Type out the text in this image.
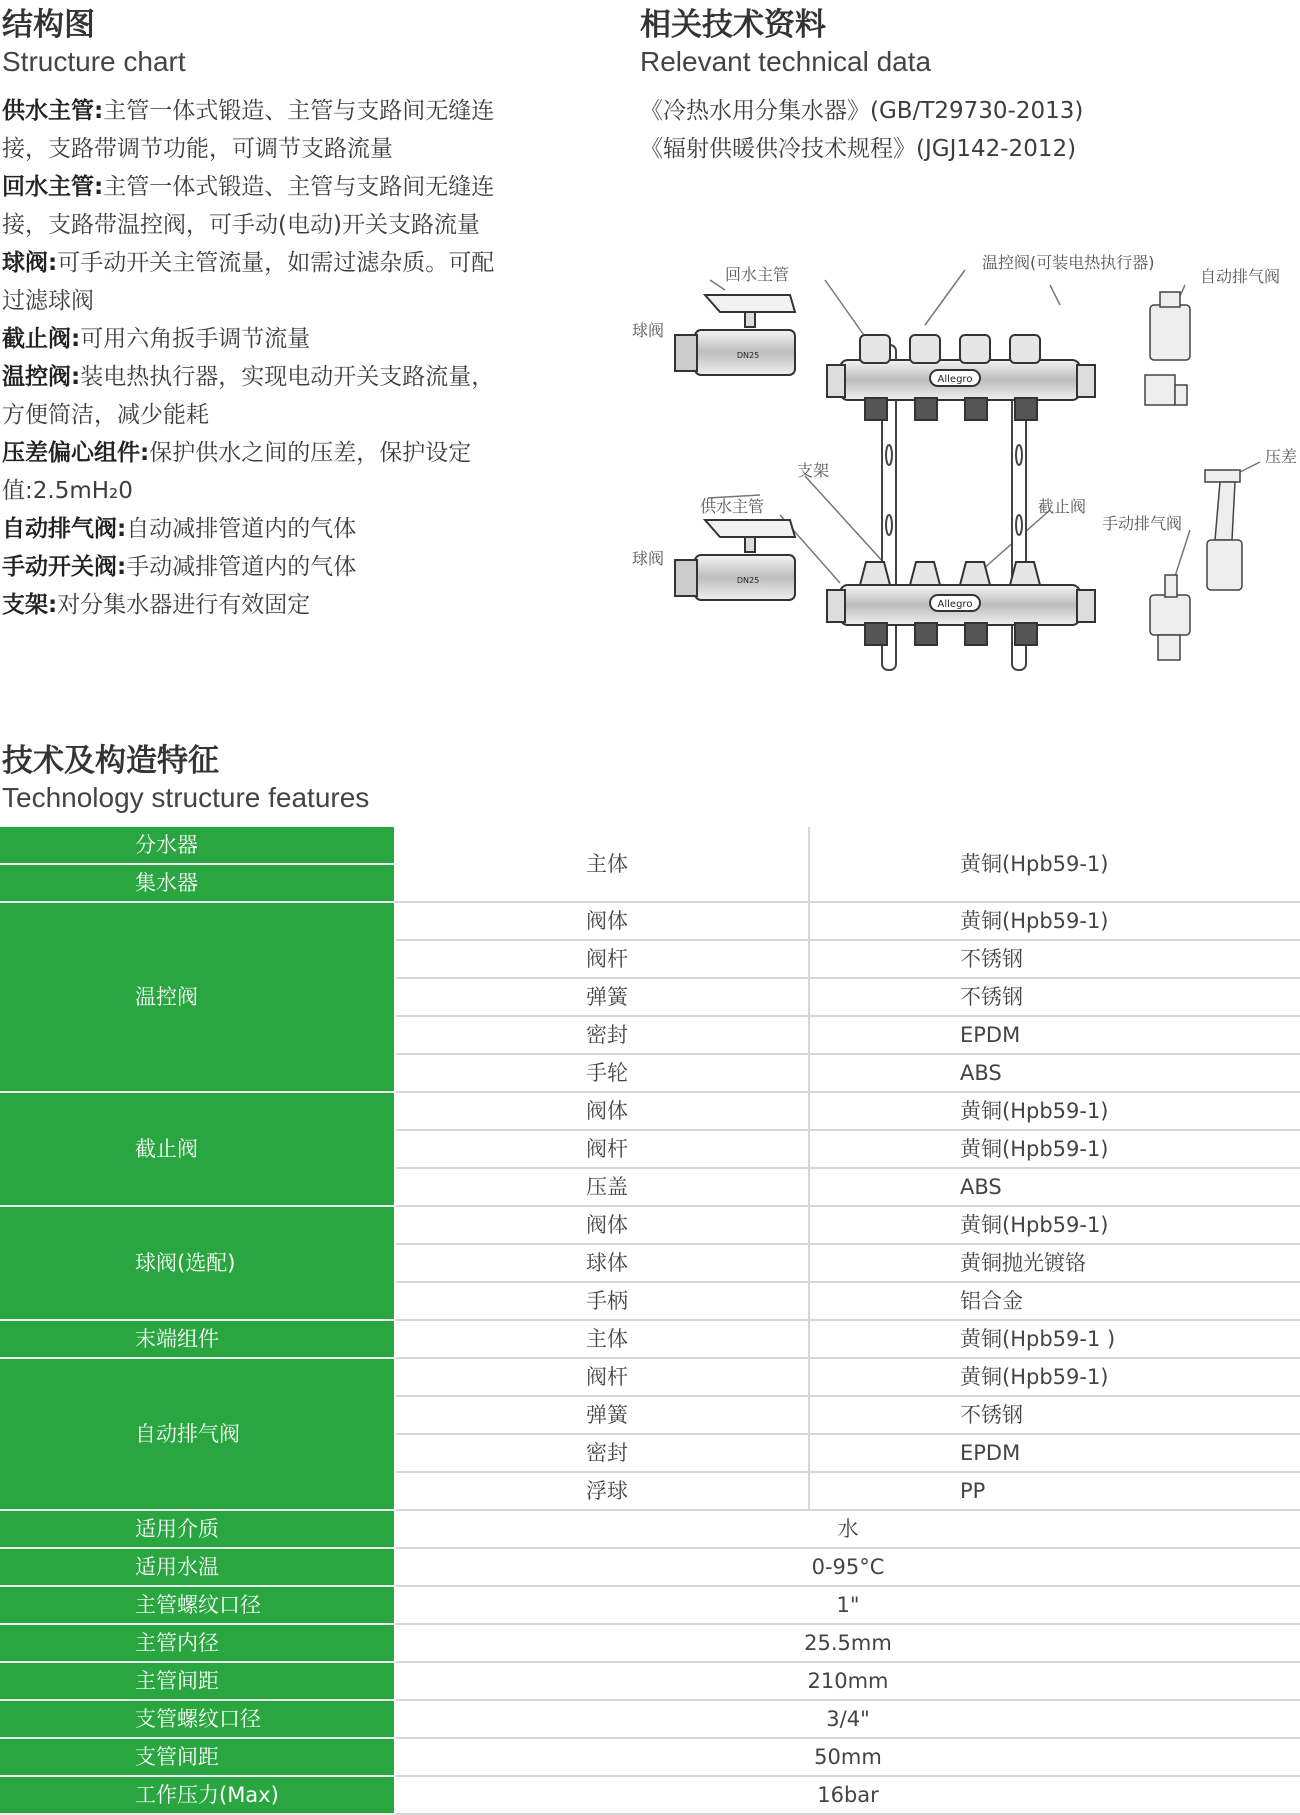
结构图
Structure chart

供水主管:主管一体式锻造、主管与支路间无缝连接，支路带调节功能，可调节支路流量

回水主管:主管一体式锻造、主管与支路间无缝连接，支路带温控阀，可手动(电动)开关支路流量

球阀:可手动开关主管流量，如需过滤杂质。可配过滤球阀

截止阀:可用六角扳手调节流量

温控阀:装电热执行器，实现电动开关支路流量，方便简洁，减少能耗

压差偏心组件:保护供水之间的压差，保护设定值:2.5mH₂0

自动排气阀:自动减排管道内的气体

手动开关阀:手动减排管道内的气体

支架:对分集水器进行有效固定

相关技术资料
Relevant technical data
《冷热水用分集水器》(GB/T29730-2013)
《辐射供暖供冷技术规程》(JGJ142-2012)
Allegro
Allegro
DN25
DN25
回水主管
温控阀(可装电热执行器)
自动排气阀
球阀
支架
供水主管	截止阀
手动排气阀
压差
球阀
技术及构造特征
Technology structure features
分水器	主体	黄铜(Hpb59-1)
集水器		
温控阀	阀体	黄铜(Hpb59-1)
	阀杆	不锈钢
	弹簧	不锈钢
	密封	EPDM
	手轮	ABS
截止阀	阀体	黄铜(Hpb59-1)
	阀杆	黄铜(Hpb59-1)
	压盖	ABS
球阀(选配)	阀体	黄铜(Hpb59-1)
	球体	黄铜抛光镀铬
	手柄	铝合金
末端组件	主体	黄铜(Hpb59-1 )
自动排气阀	阀杆	黄铜(Hpb59-1)
	弹簧	不锈钢
	密封	EPDM
	浮球	PP
适用介质	水	
适用水温	0-95°C	
主管螺纹口径	1"	
主管内径	25.5mm	
主管间距	210mm	
支管螺纹口径	3/4"	
支管间距	50mm	
工作压力(Max)	16bar	
